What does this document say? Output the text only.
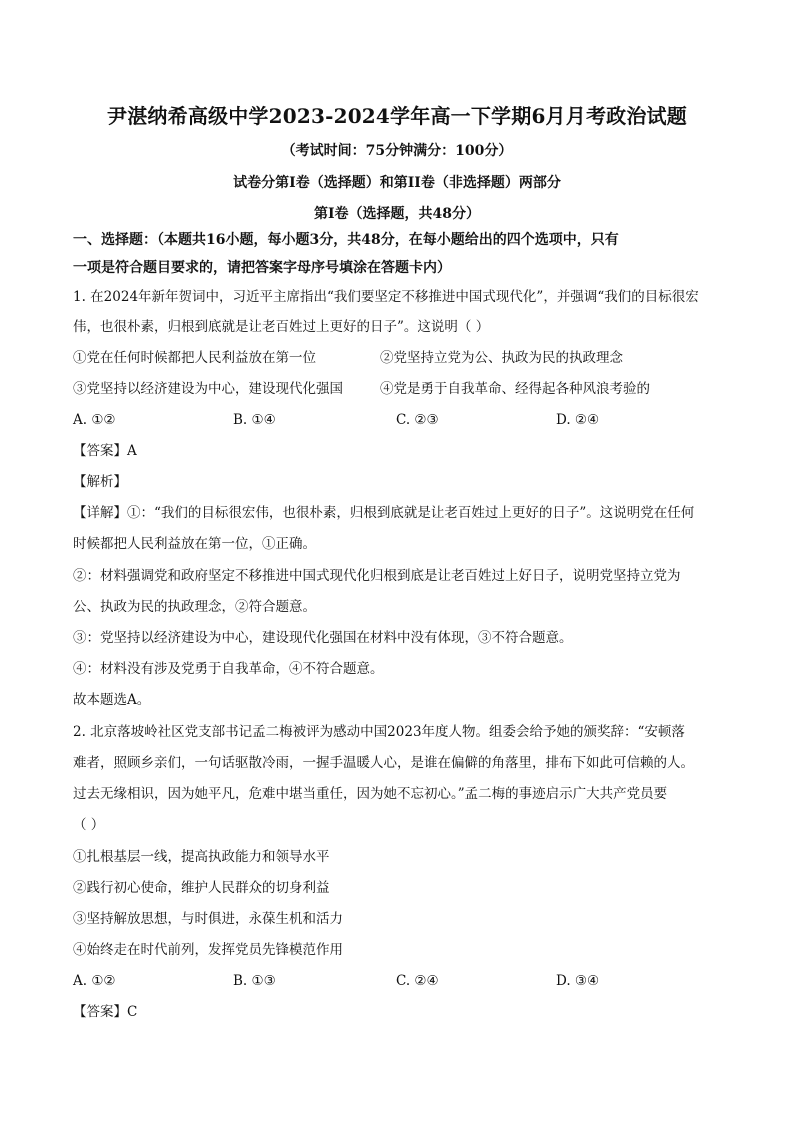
尹湛纳希高级中学2023-2024学年高一下学期6月月考政治试题
（考试时间：75分钟满分：100分）
试卷分第I卷（选择题）和第II卷（非选择题）两部分
第I卷（选择题，共48分）
一、选择题：（本题共16小题，每小题3分，共48分，在每小题给出的四个选项中，只有
一项是符合题目要求的，请把答案字母序号填涂在答题卡内）
1. 在2024年新年贺词中，习近平主席指出“我们要坚定不移推进中国式现代化”，并强调“我们的目标很宏
伟，也很朴素，归根到底就是让老百姓过上更好的日子”。这说明（ ）
①党在任何时候都把人民利益放在第一位	②党坚持立党为公、执政为民的执政理念
③党坚持以经济建设为中心，建设现代化强国	④党是勇于自我革命、经得起各种风浪考验的
A. ①②	B. ①④	C. ②③	D. ②④
【答案】A
【解析】
【详解】①：“我们的目标很宏伟，也很朴素，归根到底就是让老百姓过上更好的日子”。这说明党在任何
时候都把人民利益放在第一位，①正确。
②：材料强调党和政府坚定不移推进中国式现代化归根到底是让老百姓过上好日子，说明党坚持立党为
公、执政为民的执政理念，②符合题意。
③：党坚持以经济建设为中心，建设现代化强国在材料中没有体现，③不符合题意。
④：材料没有涉及党勇于自我革命，④不符合题意。
故本题选A。
2. 北京落坡岭社区党支部书记孟二梅被评为感动中国2023年度人物。组委会给予她的颁奖辞：“安顿落
难者，照顾乡亲们，一句话驱散冷雨，一握手温暖人心，是谁在偏僻的角落里，排布下如此可信赖的人。
过去无缘相识，因为她平凡，危难中堪当重任，因为她不忘初心。”孟二梅的事迹启示广大共产党员要
（ ）
①扎根基层一线，提高执政能力和领导水平
②践行初心使命，维护人民群众的切身利益
③坚持解放思想，与时俱进，永葆生机和活力
④始终走在时代前列，发挥党员先锋模范作用
A. ①②	B. ①③	C. ②④	D. ③④
【答案】C
